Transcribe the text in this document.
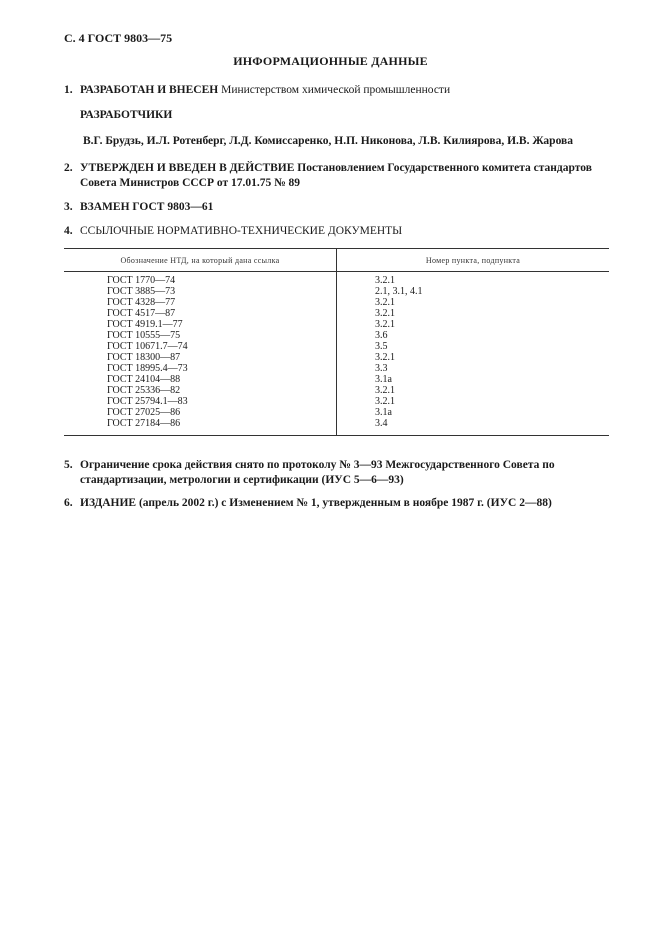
С. 4 ГОСТ 9803—75
ИНФОРМАЦИОННЫЕ ДАННЫЕ
1. РАЗРАБОТАН И ВНЕСЕН Министерством химической промышленности
РАЗРАБОТЧИКИ
В.Г. Брудзь, И.Л. Ротенберг, Л.Д. Комиссаренко, Н.П. Никонова, Л.В. Килиярова, И.В. Жарова
2. УТВЕРЖДЕН И ВВЕДЕН В ДЕЙСТВИЕ Постановлением Государственного комитета стандартов Совета Министров СССР от 17.01.75 № 89
3. ВЗАМЕН ГОСТ 9803—61
4. ССЫЛОЧНЫЕ НОРМАТИВНО-ТЕХНИЧЕСКИЕ ДОКУМЕНТЫ
Обозначение НТД, на который дана ссылка	Номер пункта, подпункта
ГОСТ 1770—74	3.2.1
ГОСТ 3885—73	2.1, 3.1, 4.1
ГОСТ 4328—77	3.2.1
ГОСТ 4517—87	3.2.1
ГОСТ 4919.1—77	3.2.1
ГОСТ 10555—75	3.6
ГОСТ 10671.7—74	3.5
ГОСТ 18300—87	3.2.1
ГОСТ 18995.4—73	3.3
ГОСТ 24104—88	3.1а
ГОСТ 25336—82	3.2.1
ГОСТ 25794.1—83	3.2.1
ГОСТ 27025—86	3.1а
ГОСТ 27184—86	3.4
5. Ограничение срока действия снято по протоколу № 3—93 Межгосударственного Совета по стандартизации, метрологии и сертификации (ИУС 5—6—93)
6. ИЗДАНИЕ (апрель 2002 г.) с Изменением № 1, утвержденным в ноябре 1987 г. (ИУС 2—88)
